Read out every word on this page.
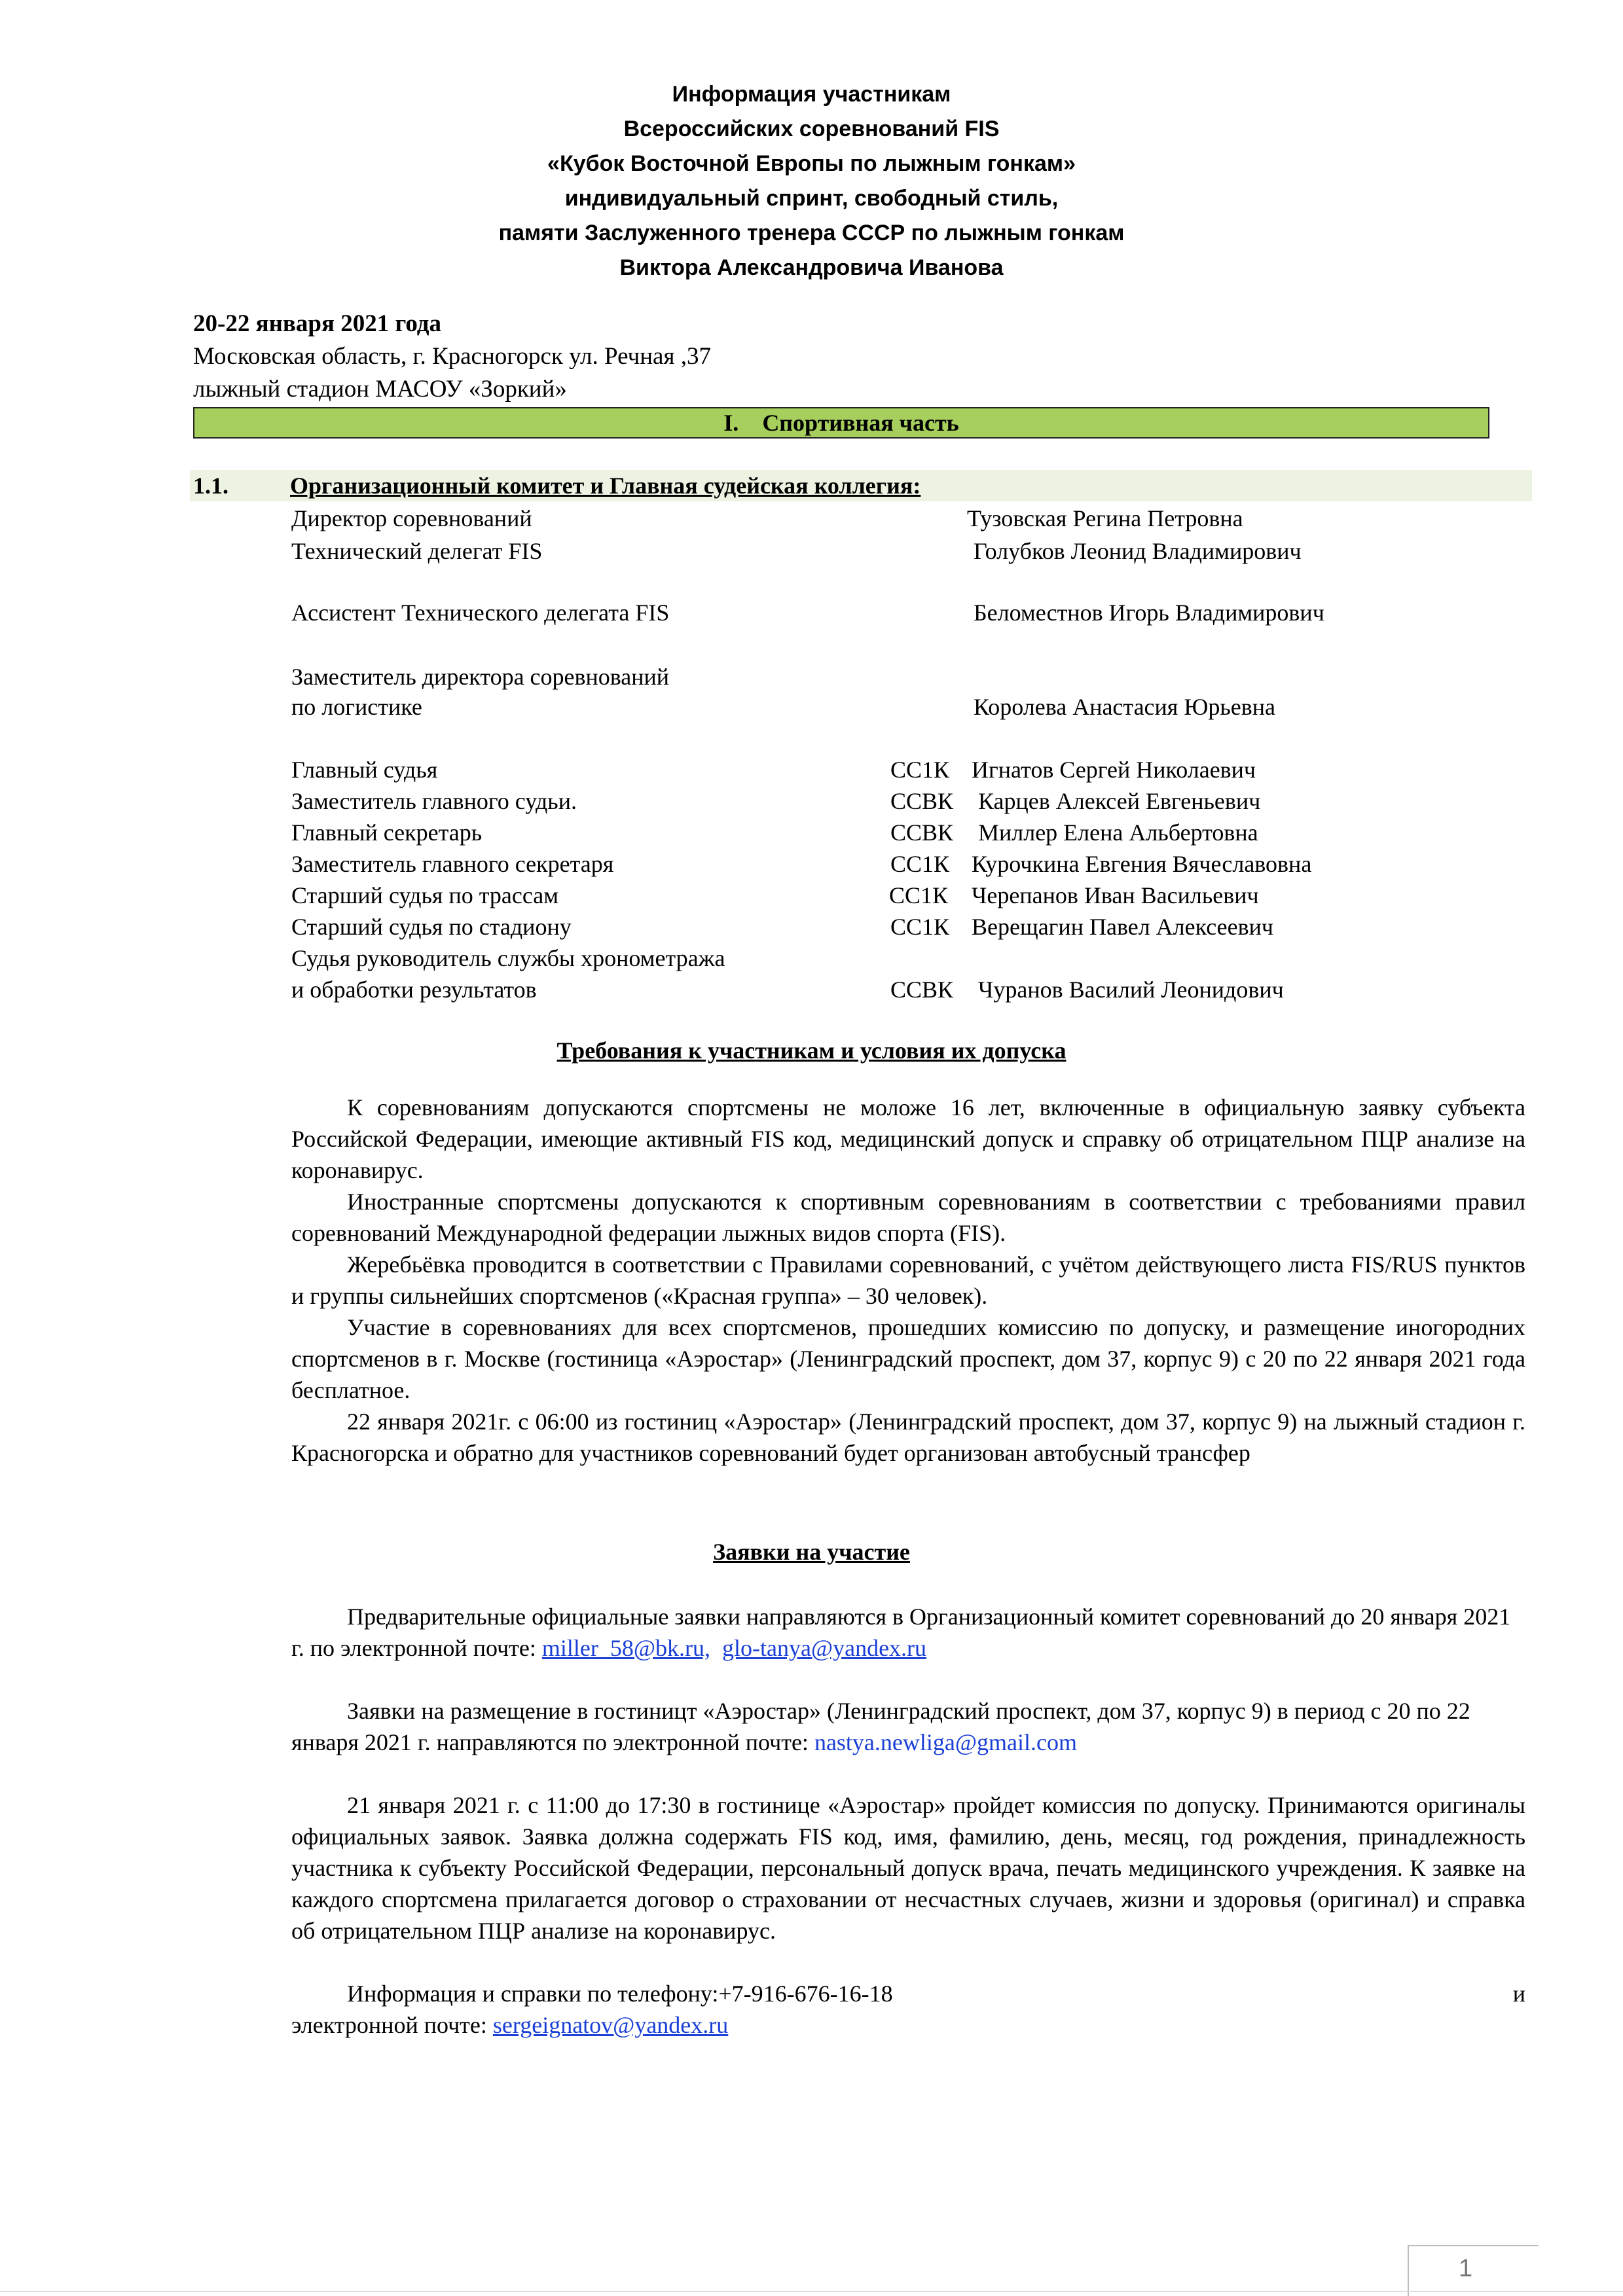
Информация участникам
Всероссийских соревнований FIS
«Кубок Восточной Европы по лыжным гонкам»
индивидуальный спринт, свободный стиль,
памяти Заслуженного тренера СССР по лыжным гонкам
Виктора Александровича Иванова
20-22 января 2021 года
Московская область, г. Красногорск ул. Речная ,37
лыжный стадион МАСОУ «Зоркий»
I. Спортивная часть
1.1.	Организационный комитет и Главная судейская коллегия:
Директор соревнований	Тузовская Регина Петровна
Технический делегат FIS	Голубков Леонид Владимирович
Ассистент Технического делегата FIS	Беломестнов Игорь Владимирович
Заместитель директора соревнований
по логистике	Королева Анастасия Юрьевна
Главный судья	СС1К Игнатов Сергей Николаевич
Заместитель главного судьи.	ССВК Карцев Алексей Евгеньевич
Главный секретарь	ССВК Миллер Елена Альбертовна
Заместитель главного секретаря	СС1К Курочкина Евгения Вячеславовна
Старший судья по трассам	СС1К Черепанов Иван Васильевич
Старший судья по стадиону	СС1К Верещагин Павел Алексеевич
Судья руководитель службы хронометража
и обработки результатов	ССВК Чуранов Василий Леонидович
Требования к участникам и условия их допуска

К соревнованиям допускаются спортсмены не моложе 16 лет, включенные в официальную заявку субъекта Российской Федерации, имеющие активный FIS код, медицинский допуск и справку об отрицательном ПЦР анализе на коронавирус.

Иностранные спортсмены допускаются к спортивным соревнованиям в соответствии с требованиями правил соревнований Международной федерации лыжных видов спорта (FIS).

Жеребьёвка проводится в соответствии с Правилами соревнований, с учётом действующего листа FIS/RUS пунктов и группы сильнейших спортсменов («Красная группа» – 30 человек).

Участие в соревнованиях для всех спортсменов, прошедших комиссию по допуску, и размещение иногородних спортсменов в г. Москве (гостиница «Аэростар» (Ленинградский проспект, дом 37, корпус 9) с 20 по 22 января 2021 года бесплатное.

22 января 2021г. с 06:00 из гостиниц «Аэростар» (Ленинградский проспект, дом 37, корпус 9) на лыжный стадион г. Красногорска и обратно для участников соревнований будет организован автобусный трансфер

Заявки на участие

Предварительные официальные заявки направляются в Организационный комитет соревнований до 20 января 2021 г. по электронной почте: miller_58@bk.ru, glo-tanya@yandex.ru

Заявки на размещение в гостиницт «Аэростар» (Ленинградский проспект, дом 37, корпус 9) в период с 20 по 22 января 2021 г. направляются по электронной почте: nastya.newliga@gmail.com

21 января 2021 г. с 11:00 до 17:30 в гостинице «Аэростар» пройдет комиссия по допуску. Принимаются оригиналы официальных заявок. Заявка должна содержать FIS код, имя, фамилию, день, месяц, год рождения, принадлежность участника к субъекту Российской Федерации, персональный допуск врача, печать медицинского учреждения. К заявке на каждого спортсмена прилагается договор о страховании от несчастных случаев, жизни и здоровья (оригинал) и справка об отрицательном ПЦР анализе на коронавирус.

Информация и справки по телефону:+7-916-676-16-18	и

электронной почте: sergeignatov@yandex.ru

1
